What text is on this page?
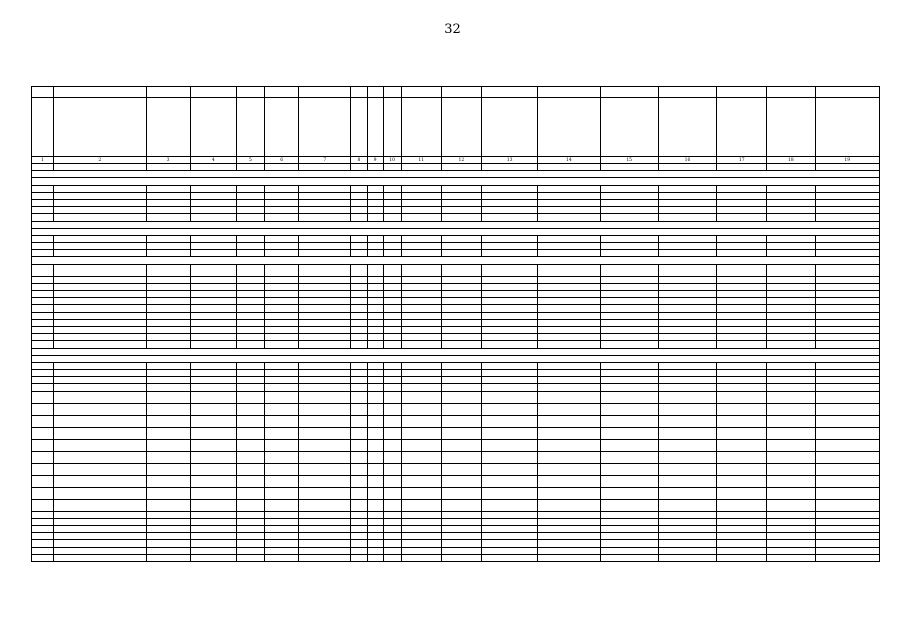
32

1	2	3	4	5	6	7	8	9	10	11	12	13	14	15	16	17	18	19
